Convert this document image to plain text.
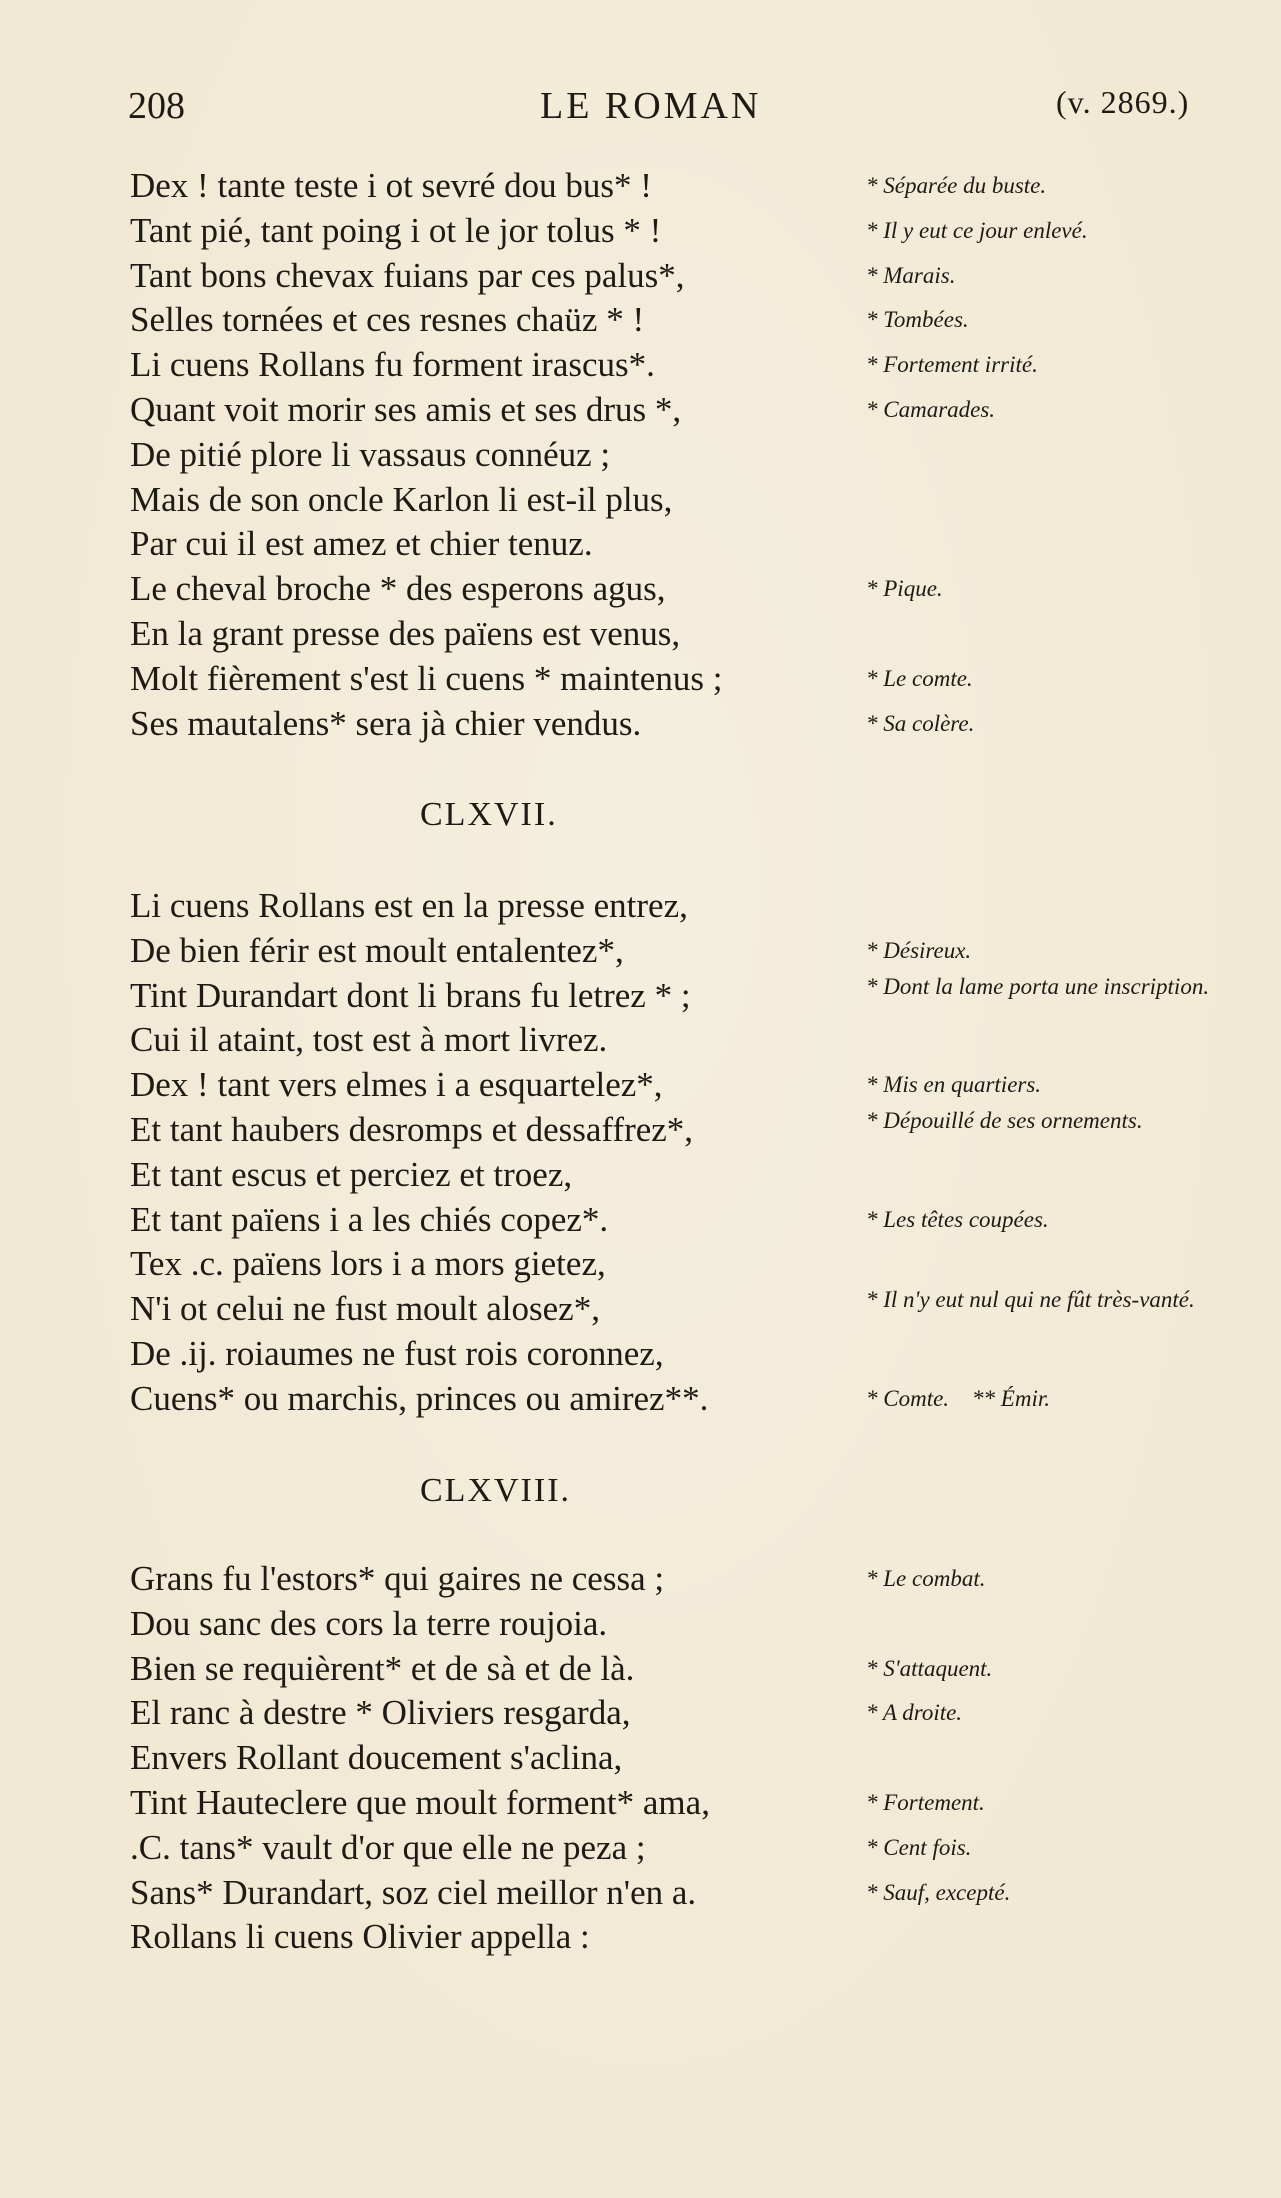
208	LE ROMAN	(v. 2869.)
Dex ! tante teste i ot sevré dou bus* !	* Séparée du buste.
Tant pié, tant poing i ot le jor tolus * !	* Il y eut ce jour enlevé.
Tant bons chevax fuians par ces palus*,	* Marais.
Selles tornées et ces resnes chaüz * !	* Tombées.
Li cuens Rollans fu forment irascus*.	* Fortement irrité.
Quant voit morir ses amis et ses drus *,	* Camarades.
De pitié plore li vassaus connéuz ;
Mais de son oncle Karlon li est-il plus,
Par cui il est amez et chier tenuz.
Le cheval broche * des esperons agus,	* Pique.
En la grant presse des païens est venus,
Molt fièrement s'est li cuens * maintenus ;	* Le comte.
Ses mautalens* sera jà chier vendus.	* Sa colère.
CLXVII.
Li cuens Rollans est en la presse entrez,
De bien férir est moult entalentez*,	* Désireux.
Tint Durandart dont li brans fu letrez * ;	* Dont la lame porta une inscription.
Cui il ataint, tost est à mort livrez.
Dex ! tant vers elmes i a esquartelez*,	* Mis en quartiers.
Et tant haubers desromps et dessaffrez*,	* Dépouillé de ses ornements.
Et tant escus et perciez et troez,
Et tant païens i a les chiés copez*.	* Les têtes coupées.
Tex .c. païens lors i a mors gietez,
N'i ot celui ne fust moult alosez*,	* Il n'y eut nul qui ne fût très-vanté.
De .ij. roiaumes ne fust rois coronnez,
Cuens* ou marchis, princes ou amirez**.	* Comte.    ** Émir.
CLXVIII.
Grans fu l'estors* qui gaires ne cessa ;	* Le combat.
Dou sanc des cors la terre roujoia.
Bien se requièrent* et de sà et de là.	* S'attaquent.
El ranc à destre * Oliviers resgarda,	* A droite.
Envers Rollant doucement s'aclina,
Tint Hauteclere que moult forment* ama,	* Fortement.
.C. tans* vault d'or que elle ne peza ;	* Cent fois.
Sans* Durandart, soz ciel meillor n'en a.	* Sauf, excepté.
Rollans li cuens Olivier appella :
